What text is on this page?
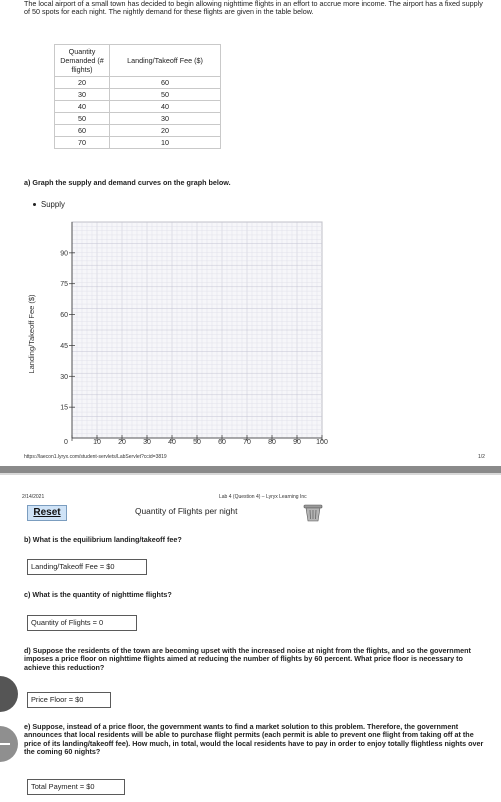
The local airport of a small town has decided to begin allowing nighttime flights in an effort to accrue more income. The airport has a fixed supply of 50 spots for each night. The nightly demand for these flights are given in the table below.
Quantity Demanded (# flights)	Landing/Takeoff Fee ($)
20	60
30	50
40	40
50	30
60	20
70	10
a) Graph the supply and demand curves on the graph below.
Supply
0	10 20 30 40 50 60 70 80 90 100
15
30
45
60
75
90
Landing/Takeoff Fee ($)
https://laecon1.lyryx.com/student-servlets/LabServlet?ccid=3819	1/2
2/14/2021	Lab 4 (Question 4) – Lyryx Learning Inc
Reset	Quantity of Flights per night
b) What is the equilibrium landing/takeoff fee?
Landing/Takeoff Fee = $0
c) What is the quantity of nighttime flights?
Quantity of Flights = 0
d) Suppose the residents of the town are becoming upset with the increased noise at night from the flights, and so the government imposes a price floor on nighttime flights aimed at reducing the number of flights by 60 percent. What price floor is necessary to achieve this reduction?
Price Floor = $0
e) Suppose, instead of a price floor, the government wants to find a market solution to this problem. Therefore, the government announces that local residents will be able to purchase flight permits (each permit is able to prevent one flight from taking off at the price of its landing/takeoff fee). How much, in total, would the local residents have to pay in order to enjoy totally flightless nights over the coming 60 nights?
Total Payment = $0
